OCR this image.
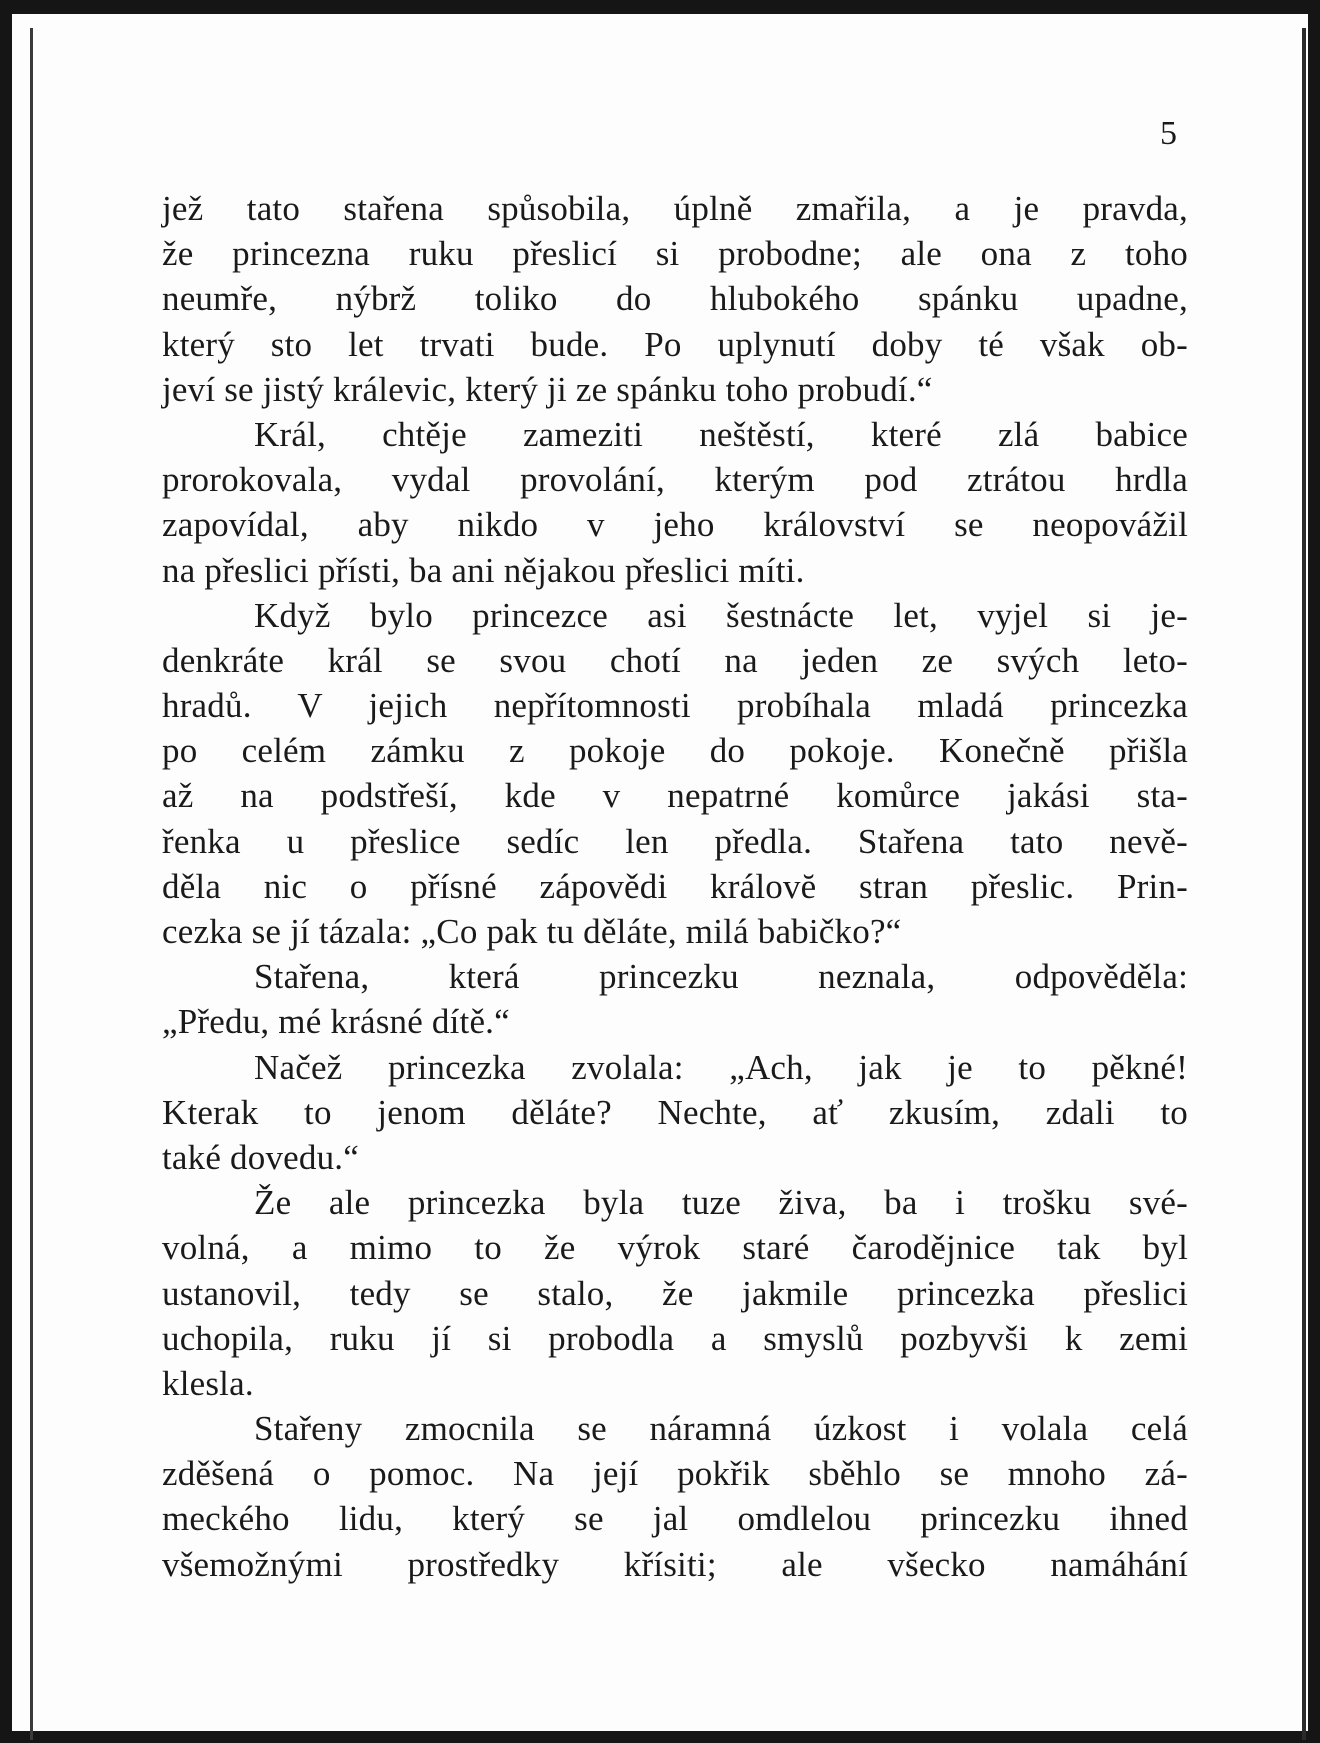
5
jež tato stařena spůsobila, úplně zmařila, a je pravda,
že princezna ruku přeslicí si probodne; ale ona z toho
neumře, nýbrž toliko do hlubokého spánku upadne,
který sto let trvati bude. Po uplynutí doby té však ob-
jeví se jistý králevic, který ji ze spánku toho probudí.“
Král, chtěje zameziti neštěstí, které zlá babice
prorokovala, vydal provolání, kterým pod ztrátou hrdla
zapovídal, aby nikdo v jeho království se neopovážil
na přeslici přísti, ba ani nějakou přeslici míti.
Když bylo princezce asi šestnácte let, vyjel si je-
denkráte král se svou chotí na jeden ze svých leto-
hradů. V jejich nepřítomnosti probíhala mladá princezka
po celém zámku z pokoje do pokoje. Konečně přišla
až na podstřeší, kde v nepatrné komůrce jakási sta-
řenka u přeslice sedíc len předla. Stařena tato nevě-
děla nic o přísné zápovědi královĕ stran přeslic. Prin-
cezka se jí tázala: „Co pak tu děláte, milá babičko?“
Stařena, která princezku neznala, odpověděla:
„Předu, mé krásné dítě.“
Načež princezka zvolala: „Ach, jak je to pěkné!
Kterak to jenom děláte? Nechte, ať zkusím, zdali to
také dovedu.“
Že ale princezka byla tuze živa, ba i trošku své-
volná, a mimo to že výrok staré čarodějnice tak byl
ustanovil, tedy se stalo, že jakmile princezka přeslici
uchopila, ruku jí si probodla a smyslů pozbyvši k zemi
klesla.
Stařeny zmocnila se náramná úzkost i volala celá
zděšená o pomoc. Na její pokřik sběhlo se mnoho zá-
meckého lidu, který se jal omdlelou princezku ihned
všemožnými prostředky křísiti; ale všecko namáhání
